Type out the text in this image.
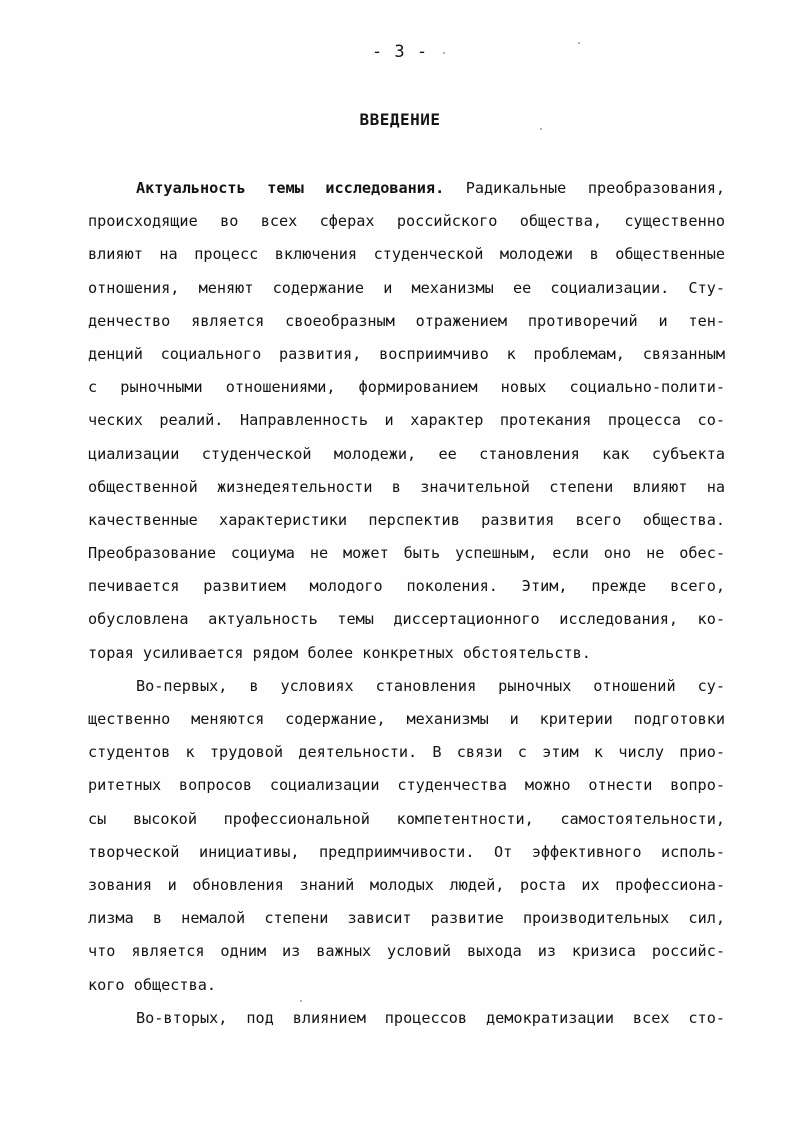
- 3 -
ВВЕДЕНИЕ
Актуальность темы исследования. Радикальные преобразования,
происходящие во всех сферах российского общества, существенно
влияют на процесс включения студенческой молодежи в общественные
отношения, меняют содержание и механизмы ее социализации. Сту-
денчество является своеобразным отражением противоречий и тен-
денций социального развития, восприимчиво к проблемам, связанным
с рыночными отношениями, формированием новых социально-полити-
ческих реалий. Направленность и характер протекания процесса со-
циализации студенческой молодежи, ее становления как субъекта
общественной жизнедеятельности в значительной степени влияют на
качественные характеристики перспектив развития всего общества.
Преобразование социума не может быть успешным, если оно не обес-
печивается развитием молодого поколения. Этим, прежде всего,
обусловлена актуальность темы диссертационного исследования, ко-
торая усиливается рядом более конкретных обстоятельств.
Во-первых, в условиях становления рыночных отношений су-
щественно меняются содержание, механизмы и критерии подготовки
студентов к трудовой деятельности. В связи с этим к числу прио-
ритетных вопросов социализации студенчества можно отнести вопро-
сы высокой профессиональной компетентности, самостоятельности,
творческой инициативы, предприимчивости. От эффективного исполь-
зования и обновления знаний молодых людей, роста их профессиона-
лизма в немалой степени зависит развитие производительных сил,
что является одним из важных условий выхода из кризиса российс-
кого общества.
Во-вторых, под влиянием процессов демократизации всех сто-
